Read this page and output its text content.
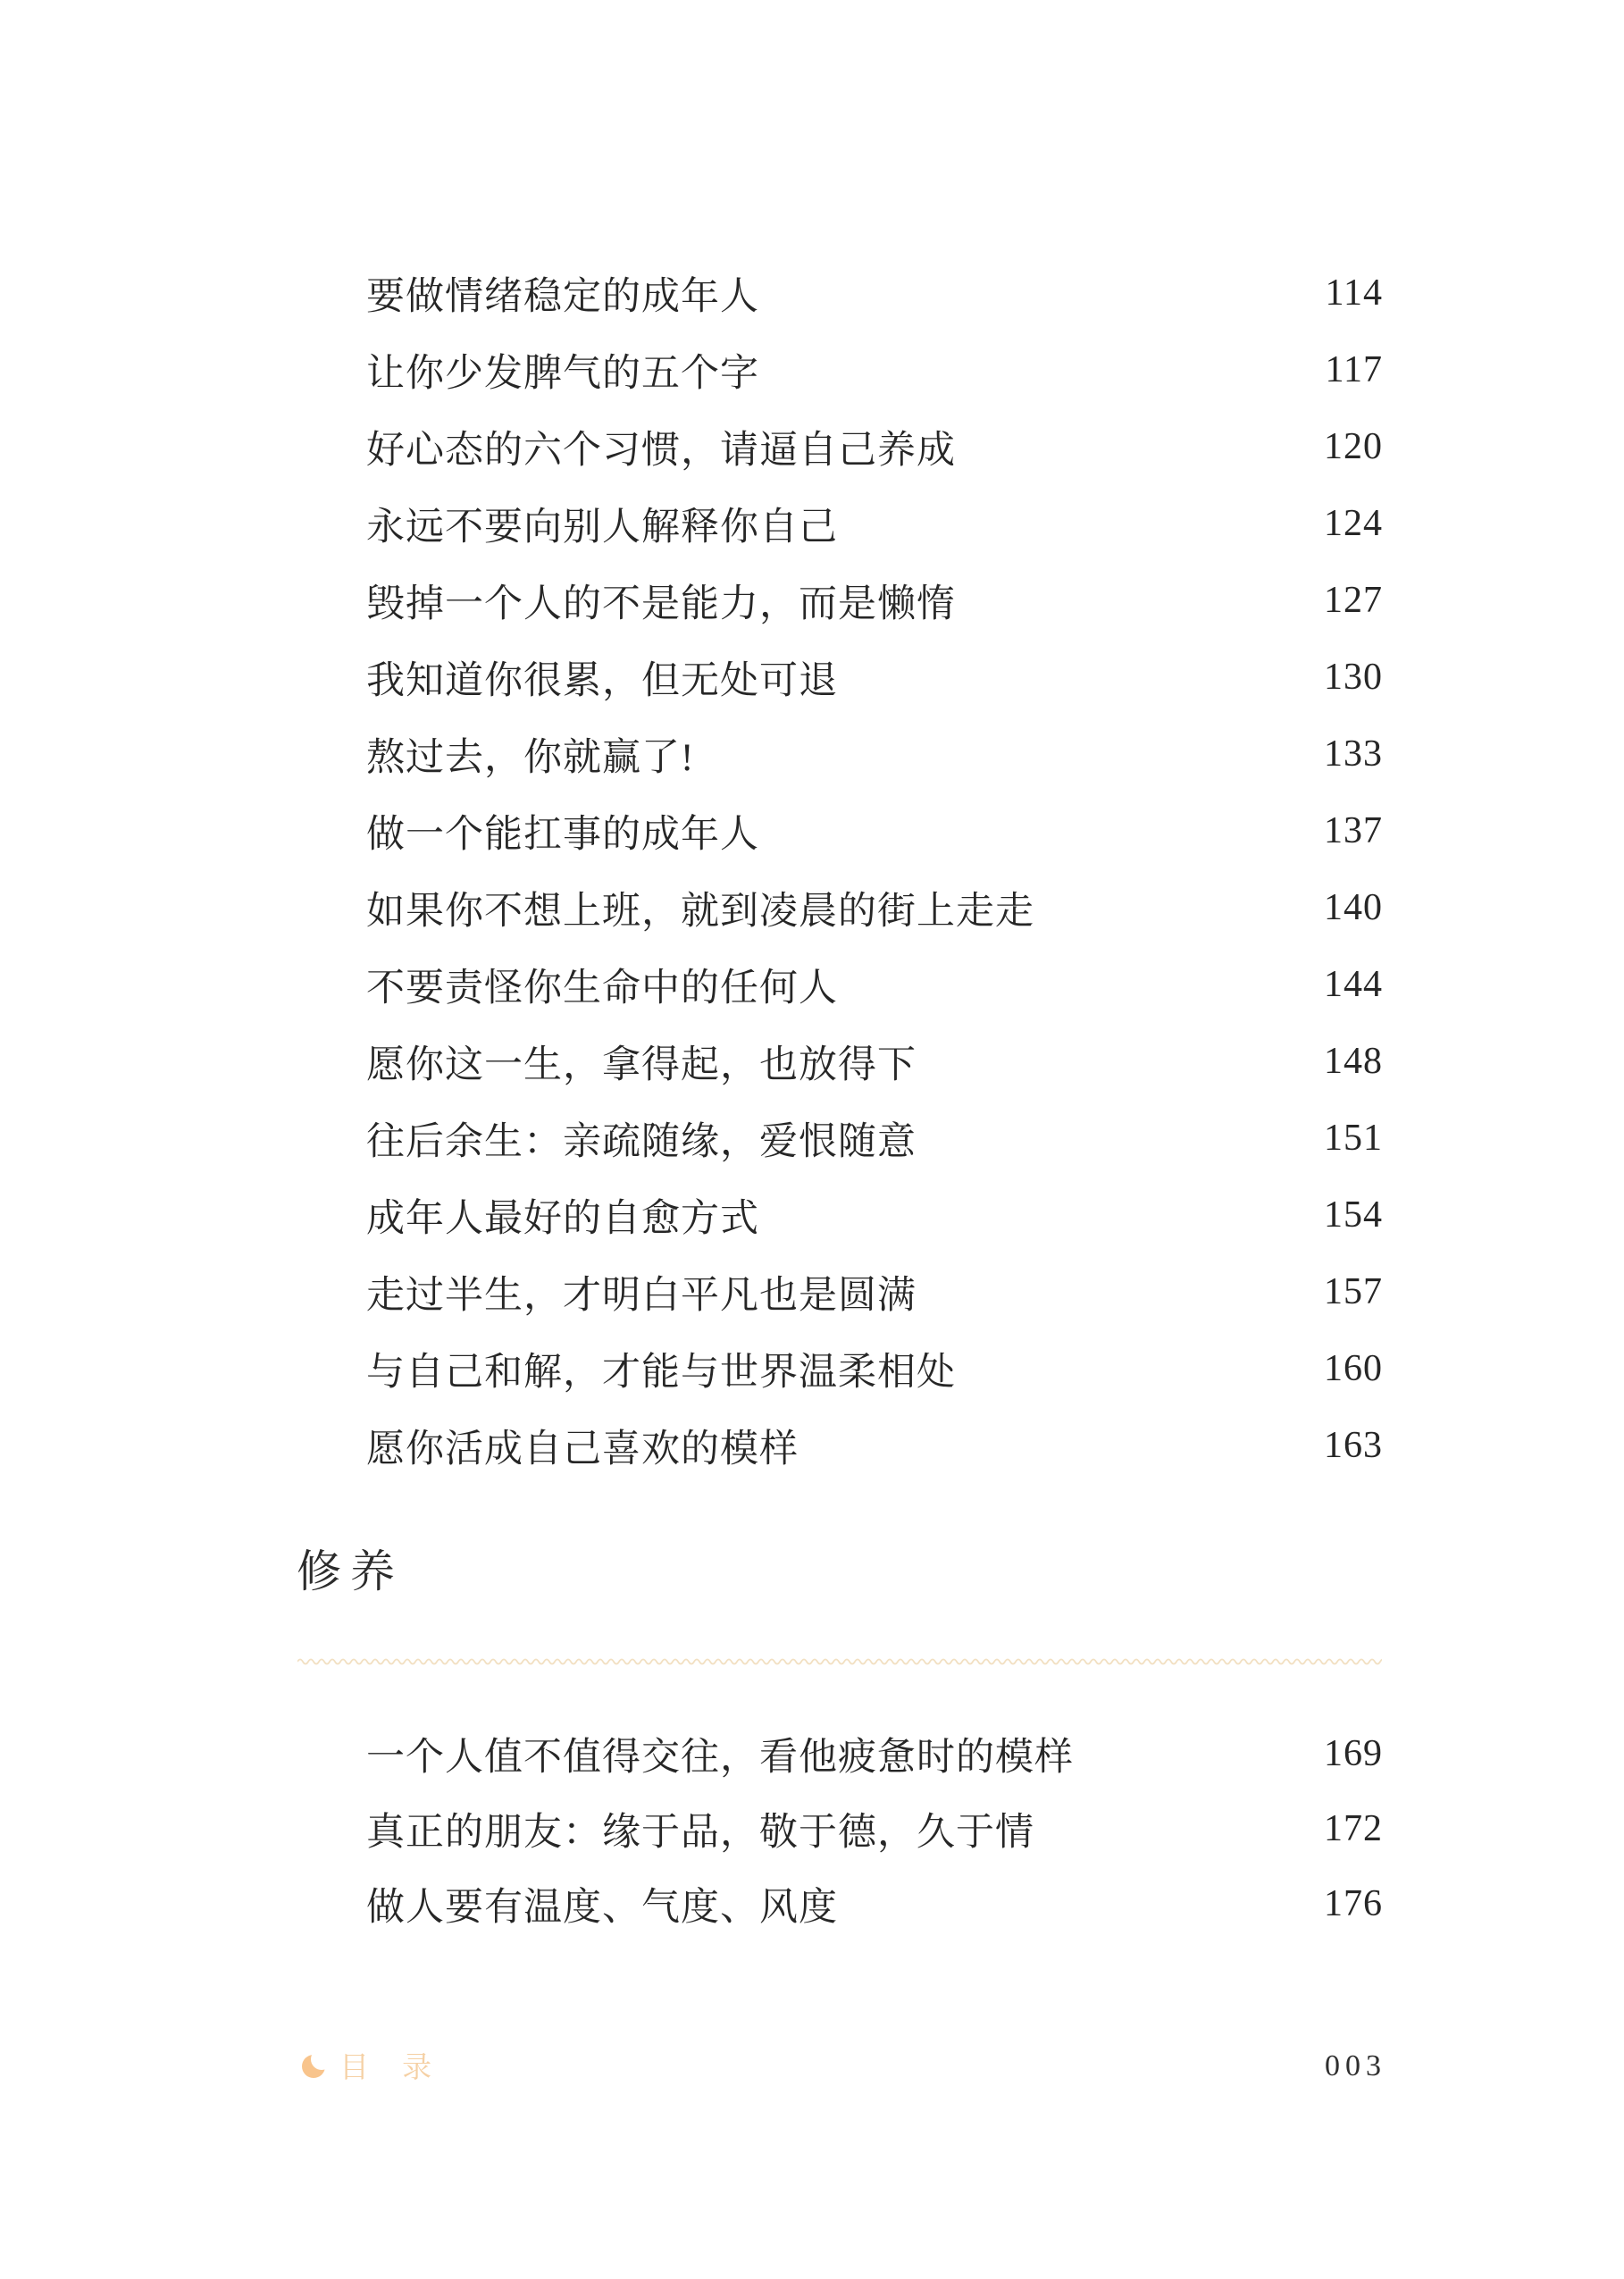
要做情绪稳定的成年人	114
让你少发脾气的五个字	117
好心态的六个习惯，请逼自己养成	120
永远不要向别人解释你自己	124
毁掉一个人的不是能力，而是懒惰	127
我知道你很累，但无处可退	130
熬过去，你就赢了!	133
做一个能扛事的成年人	137
如果你不想上班，就到凌晨的街上走走	140
不要责怪你生命中的任何人	144
愿你这一生，拿得起，也放得下	148
往后余生：亲疏随缘，爱恨随意	151
成年人最好的自愈方式	154
走过半生，才明白平凡也是圆满	157
与自己和解，才能与世界温柔相处	160
愿你活成自己喜欢的模样	163
修养
一个人值不值得交往，看他疲惫时的模样	169
真正的朋友：缘于品，敬于德，久于情	172
做人要有温度、气度、风度	176
目 录	003
